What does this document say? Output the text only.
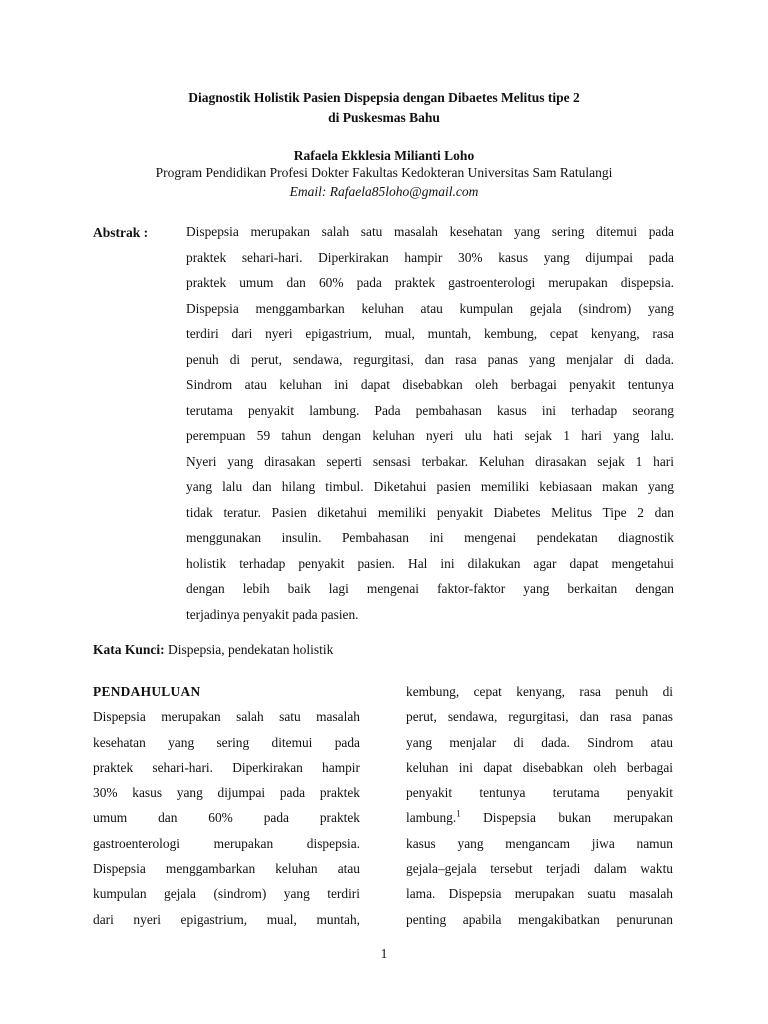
Diagnostik Holistik Pasien Dispepsia dengan Dibaetes Melitus tipe 2
di Puskesmas Bahu
Rafaela Ekklesia Milianti Loho
Program Pendidikan Profesi Dokter Fakultas Kedokteran Universitas Sam Ratulangi
Email: Rafaela85loho@gmail.com
Abstrak :	Dispepsia merupakan salah satu masalah kesehatan yang sering ditemui pada
praktek sehari-hari. Diperkirakan hampir 30% kasus yang dijumpai pada
praktek umum dan 60% pada praktek gastroenterologi merupakan dispepsia.
Dispepsia menggambarkan keluhan atau kumpulan gejala (sindrom) yang
terdiri dari nyeri epigastrium, mual, muntah, kembung, cepat kenyang, rasa
penuh di perut, sendawa, regurgitasi, dan rasa panas yang menjalar di dada.
Sindrom atau keluhan ini dapat disebabkan oleh berbagai penyakit tentunya
terutama penyakit lambung. Pada pembahasan kasus ini terhadap seorang
perempuan 59 tahun dengan keluhan nyeri ulu hati sejak 1 hari yang lalu.
Nyeri yang dirasakan seperti sensasi terbakar. Keluhan dirasakan sejak 1 hari
yang lalu dan hilang timbul. Diketahui pasien memiliki kebiasaan makan yang
tidak teratur. Pasien diketahui memiliki penyakit Diabetes Melitus Tipe 2 dan
menggunakan insulin. Pembahasan ini mengenai pendekatan diagnostik
holistik terhadap penyakit pasien. Hal ini dilakukan agar dapat mengetahui
dengan lebih baik lagi mengenai faktor-faktor yang berkaitan dengan
terjadinya penyakit pada pasien.
Kata Kunci: Dispepsia, pendekatan holistik
PENDAHULUAN
Dispepsia merupakan salah satu masalah
kesehatan yang sering ditemui pada
praktek sehari-hari. Diperkirakan hampir
30% kasus yang dijumpai pada praktek
umum dan 60% pada praktek
gastroenterologi merupakan dispepsia.
Dispepsia menggambarkan keluhan atau
kumpulan gejala (sindrom) yang terdiri
dari nyeri epigastrium, mual, muntah,
kembung, cepat kenyang, rasa penuh di
perut, sendawa, regurgitasi, dan rasa panas
yang menjalar di dada. Sindrom atau
keluhan ini dapat disebabkan oleh berbagai
penyakit tentunya terutama penyakit
lambung.$^1$ Dispepsia bukan merupakan
kasus yang mengancam jiwa namun
gejala–gejala tersebut terjadi dalam waktu
lama. Dispepsia merupakan suatu masalah
penting apabila mengakibatkan penurunan
1
